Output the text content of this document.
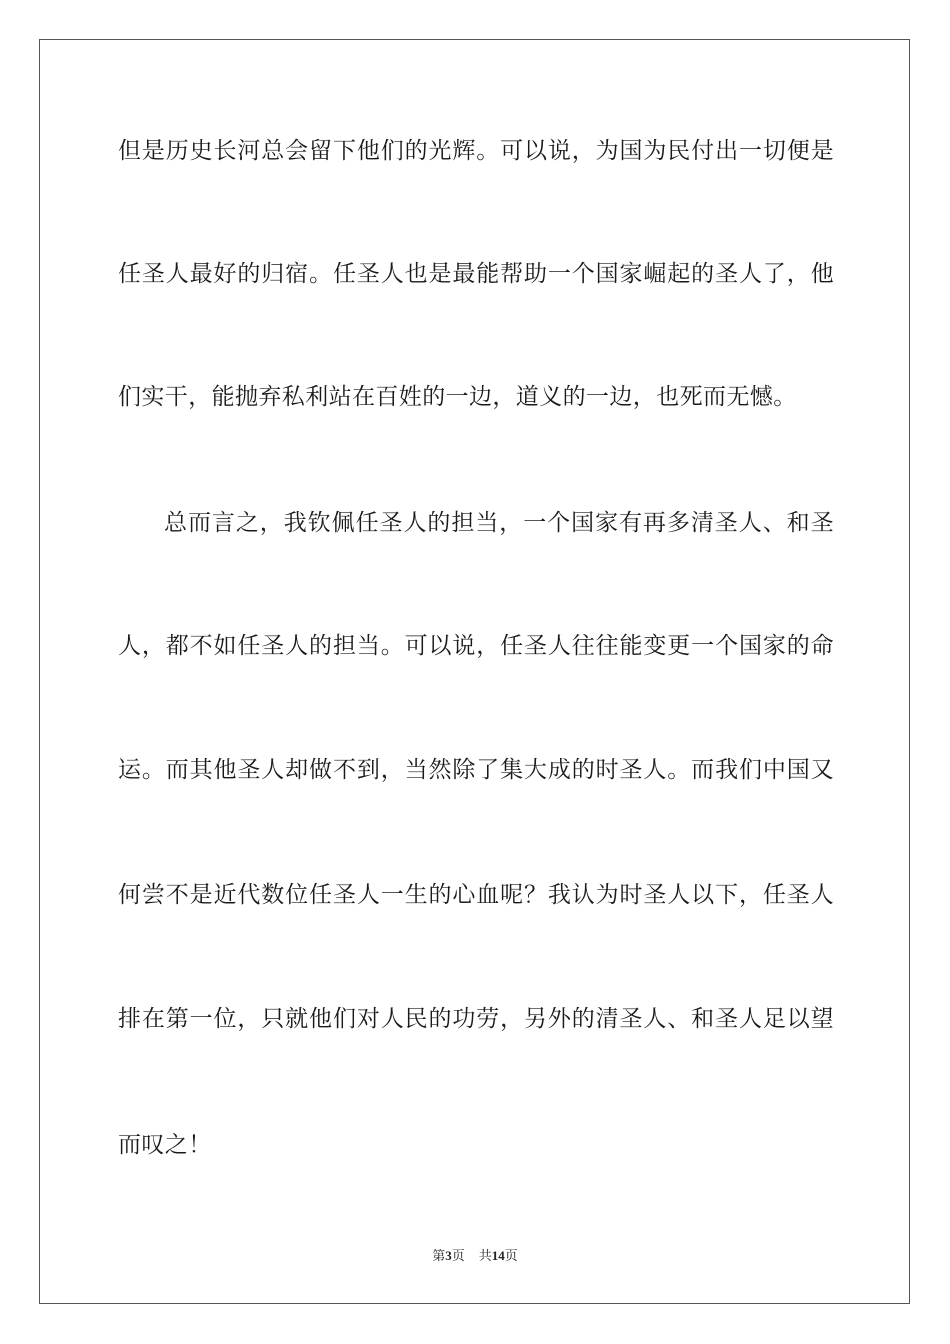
但是历史长河总会留下他们的光辉。可以说，为国为民付出一切便是
任圣人最好的归宿。任圣人也是最能帮助一个国家崛起的圣人了，他
们实干，能抛弃私利站在百姓的一边，道义的一边，也死而无憾。
总而言之，我钦佩任圣人的担当，一个国家有再多清圣人、和圣
人，都不如任圣人的担当。可以说，任圣人往往能变更一个国家的命
运。而其他圣人却做不到，当然除了集大成的时圣人。而我们中国又
何尝不是近代数位任圣人一生的心血呢？我认为时圣人以下，任圣人
排在第一位，只就他们对人民的功劳，另外的清圣人、和圣人足以望
而叹之！
第3页 共14页
